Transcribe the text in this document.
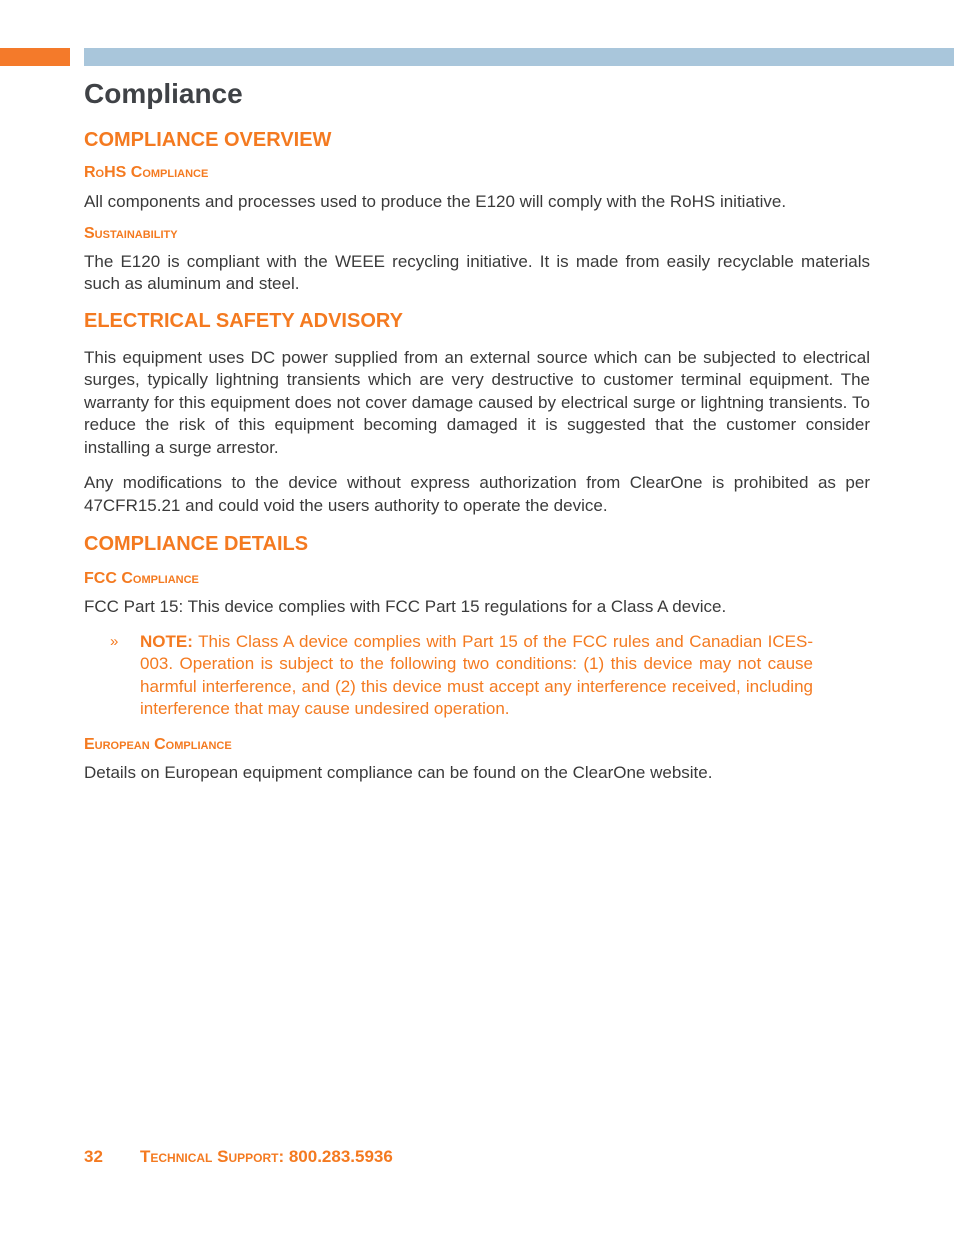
Compliance
COMPLIANCE OVERVIEW
RoHS Compliance

All components and processes used to produce the E120 will comply with the RoHS initiative.

Sustainability

The E120 is compliant with the WEEE recycling initiative. It is made from easily recyclable materials such as aluminum and steel.

ELECTRICAL SAFETY ADVISORY

This equipment uses DC power supplied from an external source which can be subjected to electrical surges, typically lightning transients which are very destructive to customer terminal equipment. The warranty for this equipment does not cover damage caused by electrical surge or lightning transients. To reduce the risk of this equipment becoming damaged it is suggested that the customer consider installing a surge arrestor.

Any modifications to the device without express authorization from ClearOne is prohibited as per 47CFR15.21 and could void the users authority to operate the device.

COMPLIANCE DETAILS
FCC Compliance

FCC Part 15: This device complies with FCC Part 15 regulations for a Class A device.

» NOTE: This Class A device complies with Part 15 of the FCC rules and Canadian ICES-003. Operation is subject to the following two conditions: (1) this device may not cause harmful interference, and (2) this device must accept any interference received, including interference that may cause undesired operation.
European Compliance

Details on European equipment compliance can be found on the ClearOne website.

32 Technical Support: 800.283.5936
